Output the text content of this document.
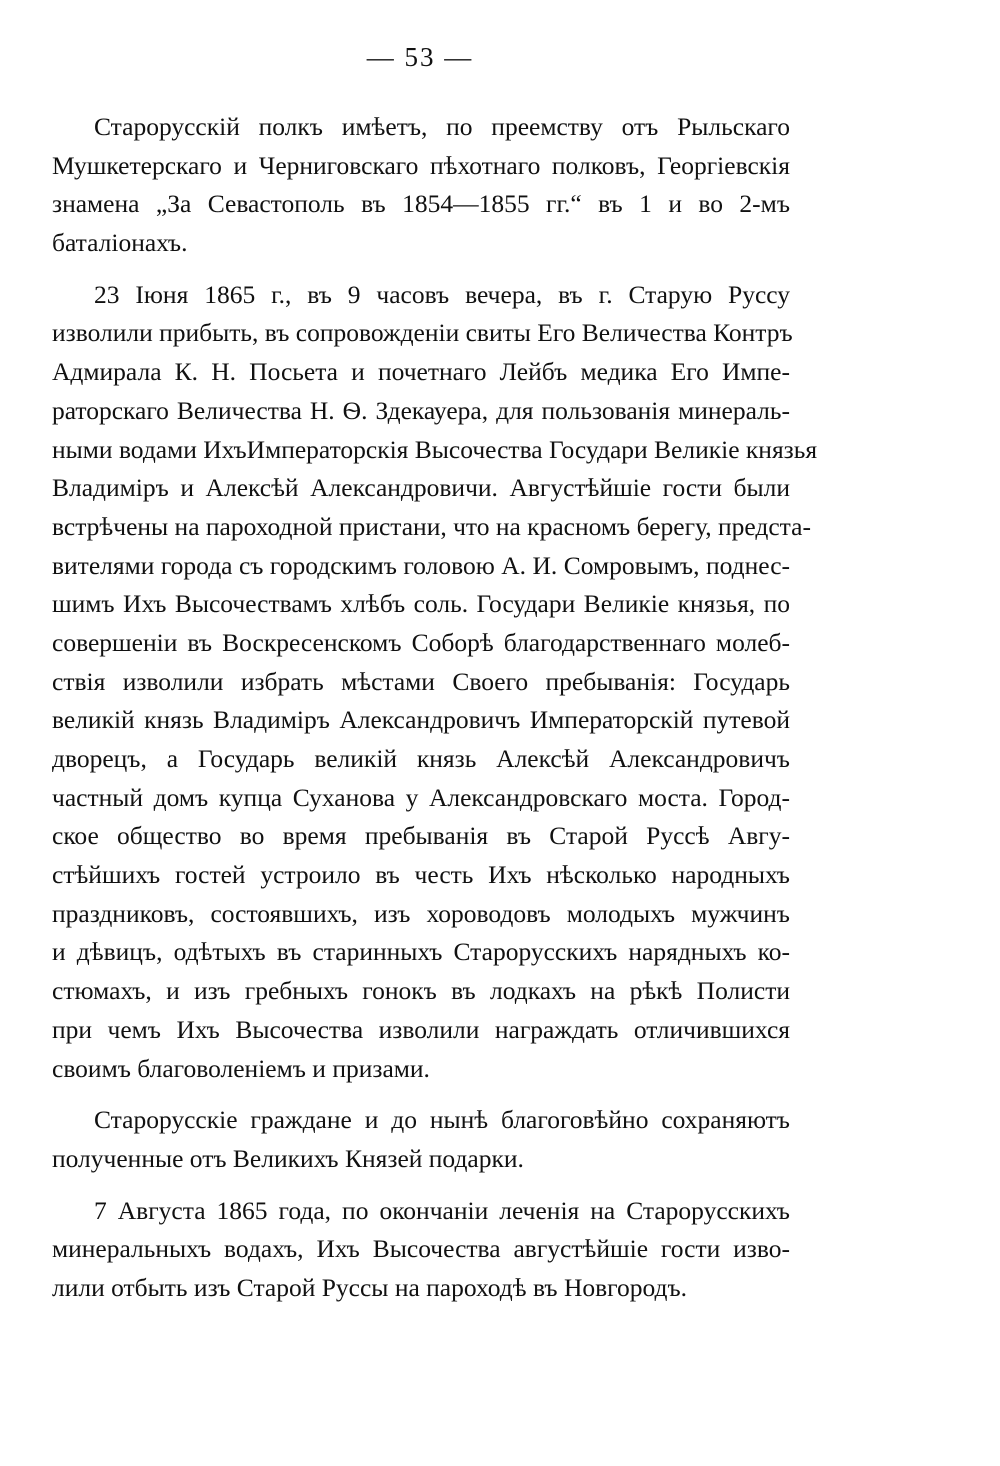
— 53 —
Старорусскій полкъ имѣетъ, по преемству отъ Рыльскаго
Мушкетерскаго и Черниговскаго пѣхотнаго полковъ, Георгіевскія
знамена „За Севастополь въ 1854—1855 гг.“ въ 1 и во 2-мъ
баталіонахъ.
23 Іюня 1865 г., въ 9 часовъ вечера, въ г. Старую Руссу
изволили прибыть, въ сопровожденіи свиты Его Величества Контръ
Адмирала К. Н. Посьета и почетнаго Лейбъ медика Его Импе-
раторскаго Величества Н. Ѳ. Здекауера, для пользованія минераль-
ными водами ИхъИмператорскія Высочества Государи Великіе князья
Владиміръ и Алексѣй Александровичи. Августѣйшіе гости были
встрѣчены на пароходной пристани, что на красномъ берегу, предста-
вителями города съ городскимъ головою А. И. Сомровымъ, поднес-
шимъ Ихъ Высочествамъ хлѣбъ соль. Государи Великіе князья, по
совершеніи въ Воскресенскомъ Соборѣ благодарственнаго молеб-
ствія изволили избрать мѣстами Своего пребыванія: Государь
великій князь Владиміръ Александровичъ Императорскій путевой
дворецъ, а Государь великій князь Алексѣй Александровичъ
частный домъ купца Суханова у Александровскаго моста. Город-
ское общество во время пребыванія въ Старой Руссѣ Авгу-
стѣйшихъ гостей устроило въ честь Ихъ нѣсколько народныхъ
праздниковъ, состоявшихъ, изъ хороводовъ молодыхъ мужчинъ
и дѣвицъ, одѣтыхъ въ старинныхъ Старорусскихъ нарядныхъ ко-
стюмахъ, и изъ гребныхъ гонокъ въ лодкахъ на рѣкѣ Полисти
при чемъ Ихъ Высочества изволили награждать отличившихся
своимъ благоволеніемъ и призами.
Старорусскіе граждане и до нынѣ благоговѣйно сохраняютъ
полученные отъ Великихъ Князей подарки.
7 Августа 1865 года, по окончаніи леченія на Старорусскихъ
минеральныхъ водахъ, Ихъ Высочества августѣйшіе гости изво-
лили отбыть изъ Старой Руссы на пароходѣ въ Новгородъ.
